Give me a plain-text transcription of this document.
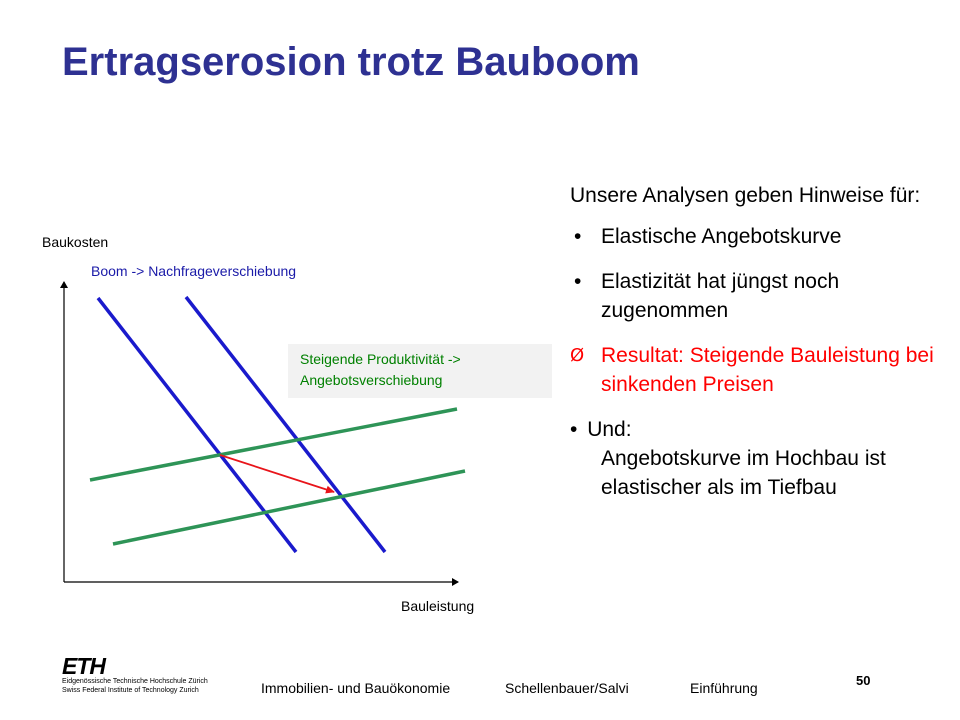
Ertragserosion trotz Bauboom
Baukosten
Bauleistung
Boom -> Nachfrageverschiebung
Steigende Produktivität ->
Angebotsverschiebung
Unsere Analysen geben Hinweise für:
• Elastische Angebotskurve
• Elastizität hat jüngst noch zugenommen
Ø Resultat: Steigende Bauleistung bei sinkenden Preisen
• Und:
Angebotskurve im Hochbau ist elastischer als im Tiefbau
ETH
Eidgenössische Technische Hochschule Zürich
Swiss Federal Institute of Technology Zurich	Immobilien- und Bauökonomie	Schellenbauer/Salvi	Einführung	50
